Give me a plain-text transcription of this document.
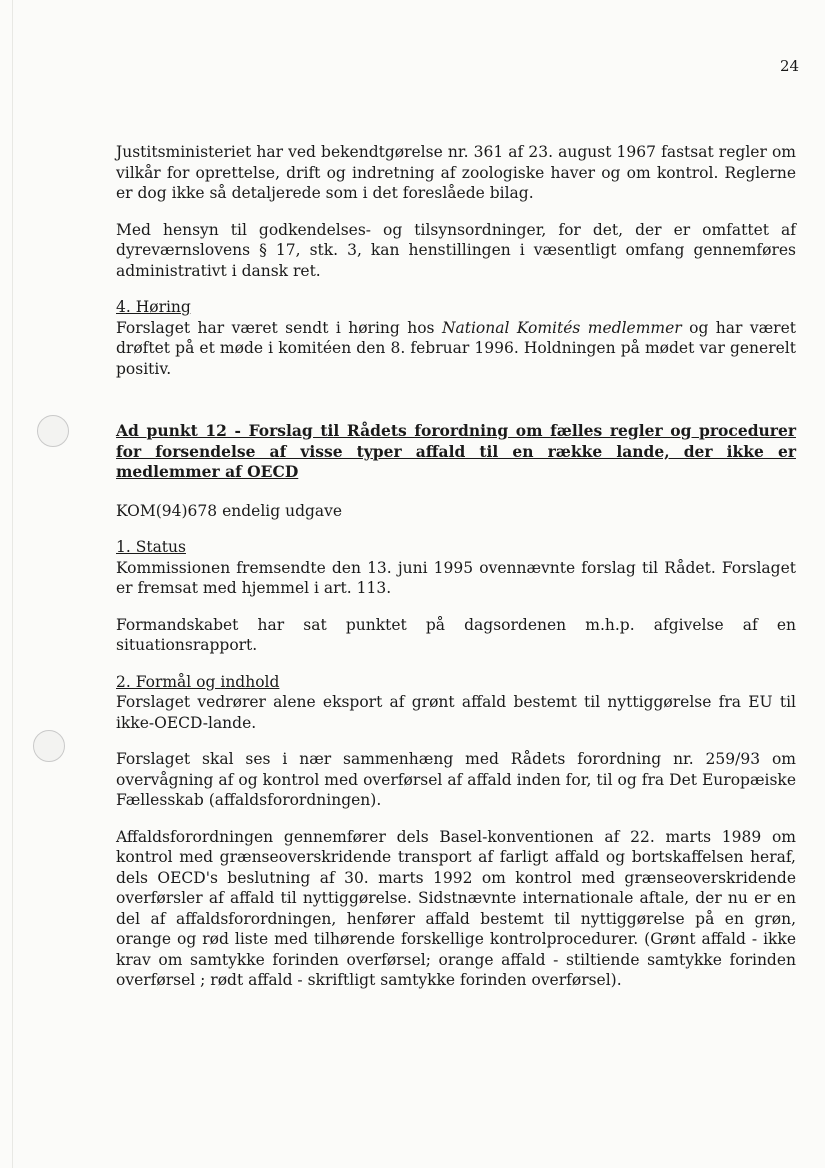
24

Justitsministeriet har ved bekendtgørelse nr. 361 af 23. august 1967 fastsat regler om vilkår for oprettelse, drift og indretning af zoologiske haver og om kontrol. Reglerne er dog ikke så detaljerede som i det foreslåede bilag.

Med hensyn til godkendelses- og tilsynsordninger, for det, der er omfattet af dyreværnslovens § 17, stk. 3, kan henstillingen i væsentligt omfang gennemføres administrativt i dansk ret.

4. Høring

Forslaget har været sendt i høring hos National Komités medlemmer og har været drøftet på et møde i komitéen den 8. februar 1996. Holdningen på mødet var generelt positiv.

Ad punkt 12 - Forslag til Rådets forordning om fælles regler og procedurer for forsendelse af visse typer affald til en række lande, der ikke er medlemmer af OECD

KOM(94)678 endelig udgave

1. Status

Kommissionen fremsendte den 13. juni 1995 ovennævnte forslag til Rådet. Forslaget er fremsat med hjemmel i art. 113.

Formandskabet har sat punktet på dagsordenen m.h.p. afgivelse af en situationsrapport.

2. Formål og indhold

Forslaget vedrører alene eksport af grønt affald bestemt til nyttiggørelse fra EU til ikke-OECD-lande.

Forslaget skal ses i nær sammenhæng med Rådets forordning nr. 259/93 om overvågning af og kontrol med overførsel af affald inden for, til og fra Det Europæiske Fællesskab (affaldsforordningen).

Affaldsforordningen gennemfører dels Basel-konventionen af 22. marts 1989 om kontrol med grænseoverskridende transport af farligt affald og bortskaffelsen heraf, dels OECD's beslutning af 30. marts 1992 om kontrol med grænseoverskridende overførsler af affald til nyttiggørelse. Sidstnævnte internationale aftale, der nu er en del af affaldsforordningen, henfører affald bestemt til nyttiggørelse på en grøn, orange og rød liste med tilhørende forskellige kontrolprocedurer. (Grønt affald - ikke krav om samtykke forinden overførsel; orange affald - stiltiende samtykke forinden overførsel ; rødt affald - skriftligt samtykke forinden overførsel).
